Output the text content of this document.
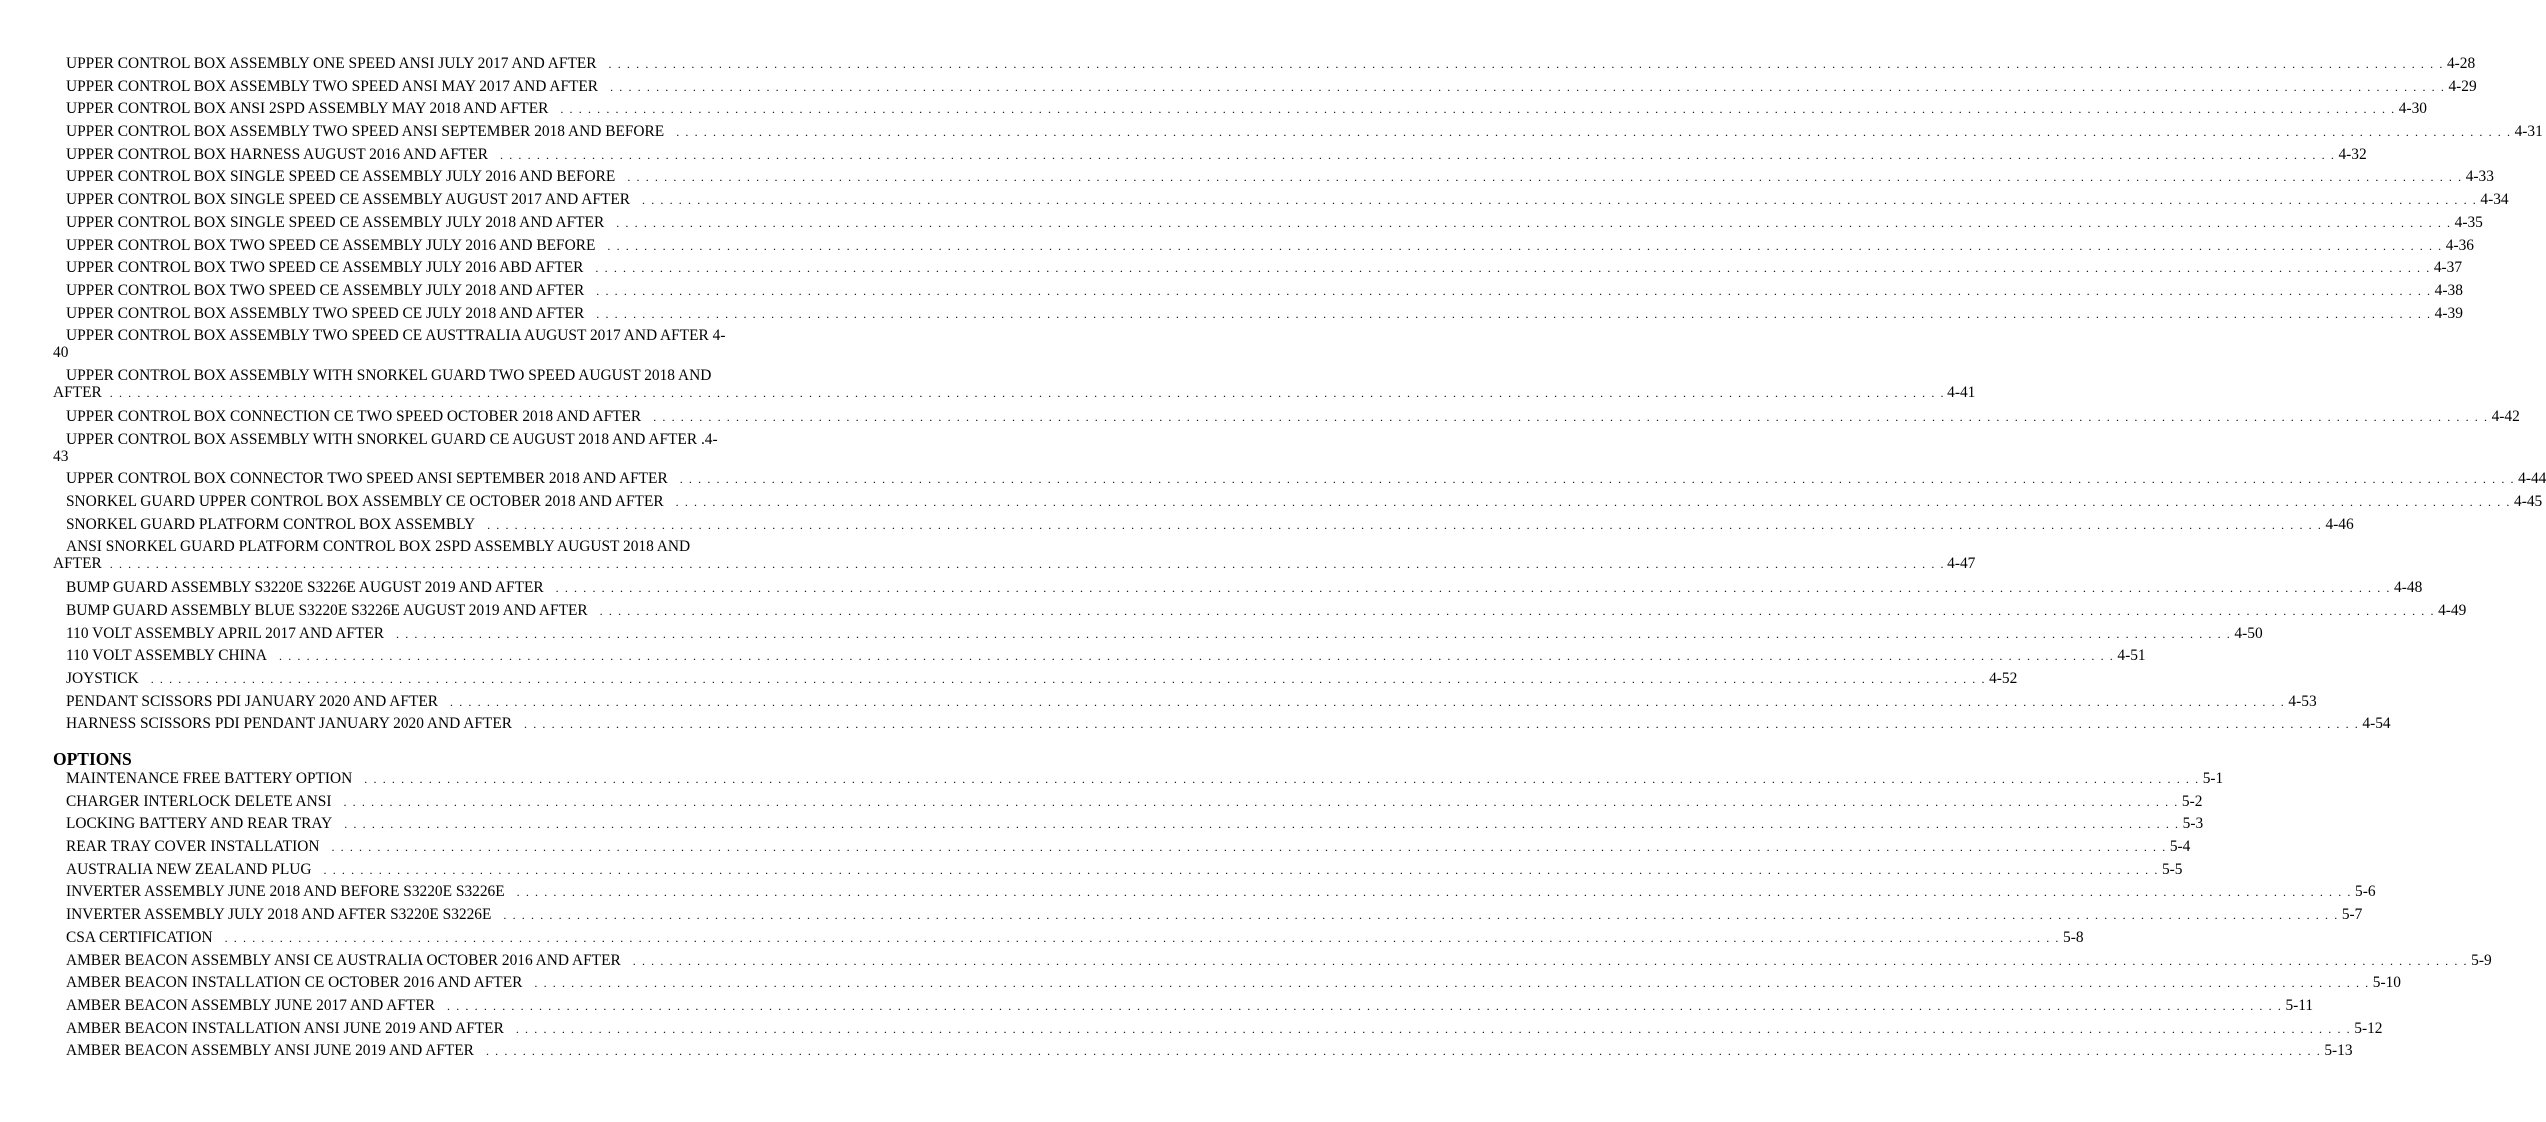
UPPER CONTROL BOX ASSEMBLY ONE SPEED ANSI JULY 2017 AND AFTER . . . . . . . . . . . . . . . . . . . . . . . . . . . . . . . . . . . . . . . . . . . . . . . . . . . . . . . . . . . . . . . . . . . . . . . . . . . . . . . . . . . . . . . . . . . . . . . . . . . . . . . . . . . . . . . . . . . . . . . . . . . . . . . . . . . . . . . . . . . . . . . . . . . . . . . . . . . . . . . . . . . . . . . . . . . . . . . . . . . . . . . . . . . . . . . . . . . . . . . . 4-28
UPPER CONTROL BOX ASSEMBLY TWO SPEED ANSI MAY 2017 AND AFTER . . . . . . . . . . . . . . . . . . . . . . . . . . . . . . . . . . . . . . . . . . . . . . . . . . . . . . . . . . . . . . . . . . . . . . . . . . . . . . . . . . . . . . . . . . . . . . . . . . . . . . . . . . . . . . . . . . . . . . . . . . . . . . . . . . . . . . . . . . . . . . . . . . . . . . . . . . . . . . . . . . . . . . . . . . . . . . . . . . . . . . . . . . . . . . . . . . . . . . . . 4-29
UPPER CONTROL BOX ANSI 2SPD ASSEMBLY MAY 2018 AND AFTER . . . . . . . . . . . . . . . . . . . . . . . . . . . . . . . . . . . . . . . . . . . . . . . . . . . . . . . . . . . . . . . . . . . . . . . . . . . . . . . . . . . . . . . . . . . . . . . . . . . . . . . . . . . . . . . . . . . . . . . . . . . . . . . . . . . . . . . . . . . . . . . . . . . . . . . . . . . . . . . . . . . . . . . . . . . . . . . . . . . . . . . . . . . . . . . . . . . . . . . . 4-30
UPPER CONTROL BOX ASSEMBLY TWO SPEED ANSI SEPTEMBER 2018 AND BEFORE . . . . . . . . . . . . . . . . . . . . . . . . . . . . . . . . . . . . . . . . . . . . . . . . . . . . . . . . . . . . . . . . . . . . . . . . . . . . . . . . . . . . . . . . . . . . . . . . . . . . . . . . . . . . . . . . . . . . . . . . . . . . . . . . . . . . . . . . . . . . . . . . . . . . . . . . . . . . . . . . . . . . . . . . . . . . . . . . . . . . . . . . . . . . . . . . . . . . . . . . 4-31
UPPER CONTROL BOX HARNESS AUGUST 2016 AND AFTER . . . . . . . . . . . . . . . . . . . . . . . . . . . . . . . . . . . . . . . . . . . . . . . . . . . . . . . . . . . . . . . . . . . . . . . . . . . . . . . . . . . . . . . . . . . . . . . . . . . . . . . . . . . . . . . . . . . . . . . . . . . . . . . . . . . . . . . . . . . . . . . . . . . . . . . . . . . . . . . . . . . . . . . . . . . . . . . . . . . . . . . . . . . . . . . . . . . . . . . . 4-32
UPPER CONTROL BOX SINGLE SPEED CE ASSEMBLY JULY 2016 AND BEFORE . . . . . . . . . . . . . . . . . . . . . . . . . . . . . . . . . . . . . . . . . . . . . . . . . . . . . . . . . . . . . . . . . . . . . . . . . . . . . . . . . . . . . . . . . . . . . . . . . . . . . . . . . . . . . . . . . . . . . . . . . . . . . . . . . . . . . . . . . . . . . . . . . . . . . . . . . . . . . . . . . . . . . . . . . . . . . . . . . . . . . . . . . . . . . . . . . . . . . . . . 4-33
UPPER CONTROL BOX SINGLE SPEED CE ASSEMBLY AUGUST 2017 AND AFTER . . . . . . . . . . . . . . . . . . . . . . . . . . . . . . . . . . . . . . . . . . . . . . . . . . . . . . . . . . . . . . . . . . . . . . . . . . . . . . . . . . . . . . . . . . . . . . . . . . . . . . . . . . . . . . . . . . . . . . . . . . . . . . . . . . . . . . . . . . . . . . . . . . . . . . . . . . . . . . . . . . . . . . . . . . . . . . . . . . . . . . . . . . . . . . . . . . . . . . . . 4-34
UPPER CONTROL BOX SINGLE SPEED CE ASSEMBLY JULY 2018 AND AFTER . . . . . . . . . . . . . . . . . . . . . . . . . . . . . . . . . . . . . . . . . . . . . . . . . . . . . . . . . . . . . . . . . . . . . . . . . . . . . . . . . . . . . . . . . . . . . . . . . . . . . . . . . . . . . . . . . . . . . . . . . . . . . . . . . . . . . . . . . . . . . . . . . . . . . . . . . . . . . . . . . . . . . . . . . . . . . . . . . . . . . . . . . . . . . . . . . . . . . . . . 4-35
UPPER CONTROL BOX TWO SPEED CE ASSEMBLY JULY 2016 AND BEFORE . . . . . . . . . . . . . . . . . . . . . . . . . . . . . . . . . . . . . . . . . . . . . . . . . . . . . . . . . . . . . . . . . . . . . . . . . . . . . . . . . . . . . . . . . . . . . . . . . . . . . . . . . . . . . . . . . . . . . . . . . . . . . . . . . . . . . . . . . . . . . . . . . . . . . . . . . . . . . . . . . . . . . . . . . . . . . . . . . . . . . . . . . . . . . . . . . . . . . . . . 4-36
UPPER CONTROL BOX TWO SPEED CE ASSEMBLY JULY 2016 ABD AFTER . . . . . . . . . . . . . . . . . . . . . . . . . . . . . . . . . . . . . . . . . . . . . . . . . . . . . . . . . . . . . . . . . . . . . . . . . . . . . . . . . . . . . . . . . . . . . . . . . . . . . . . . . . . . . . . . . . . . . . . . . . . . . . . . . . . . . . . . . . . . . . . . . . . . . . . . . . . . . . . . . . . . . . . . . . . . . . . . . . . . . . . . . . . . . . . . . . . . . . . . 4-37
UPPER CONTROL BOX TWO SPEED CE ASSEMBLY JULY 2018 AND AFTER . . . . . . . . . . . . . . . . . . . . . . . . . . . . . . . . . . . . . . . . . . . . . . . . . . . . . . . . . . . . . . . . . . . . . . . . . . . . . . . . . . . . . . . . . . . . . . . . . . . . . . . . . . . . . . . . . . . . . . . . . . . . . . . . . . . . . . . . . . . . . . . . . . . . . . . . . . . . . . . . . . . . . . . . . . . . . . . . . . . . . . . . . . . . . . . . . . . . . . . . 4-38
UPPER CONTROL BOX ASSEMBLY TWO SPEED CE JULY 2018 AND AFTER . . . . . . . . . . . . . . . . . . . . . . . . . . . . . . . . . . . . . . . . . . . . . . . . . . . . . . . . . . . . . . . . . . . . . . . . . . . . . . . . . . . . . . . . . . . . . . . . . . . . . . . . . . . . . . . . . . . . . . . . . . . . . . . . . . . . . . . . . . . . . . . . . . . . . . . . . . . . . . . . . . . . . . . . . . . . . . . . . . . . . . . . . . . . . . . . . . . . . . . . 4-39
UPPER CONTROL BOX ASSEMBLY TWO SPEED CE AUSTTRALIA AUGUST 2017 AND AFTER 4-
40
UPPER CONTROL BOX ASSEMBLY WITH SNORKEL GUARD TWO SPEED AUGUST 2018 AND
AFTER . . . . . . . . . . . . . . . . . . . . . . . . . . . . . . . . . . . . . . . . . . . . . . . . . . . . . . . . . . . . . . . . . . . . . . . . . . . . . . . . . . . . . . . . . . . . . . . . . . . . . . . . . . . . . . . . . . . . . . . . . . . . . . . . . . . . . . . . . . . . . . . . . . . . . . . . . . . . . . . . . . . . . . . . . . . . . . . . . . . . . . . . . . . . . . . . . . . . . . . . 4-41
UPPER CONTROL BOX CONNECTION CE TWO SPEED OCTOBER 2018 AND AFTER . . . . . . . . . . . . . . . . . . . . . . . . . . . . . . . . . . . . . . . . . . . . . . . . . . . . . . . . . . . . . . . . . . . . . . . . . . . . . . . . . . . . . . . . . . . . . . . . . . . . . . . . . . . . . . . . . . . . . . . . . . . . . . . . . . . . . . . . . . . . . . . . . . . . . . . . . . . . . . . . . . . . . . . . . . . . . . . . . . . . . . . . . . . . . . . . . . . . . . . . 4-42
UPPER CONTROL BOX ASSEMBLY WITH SNORKEL GUARD CE AUGUST 2018 AND AFTER .4-
43
UPPER CONTROL BOX CONNECTOR TWO SPEED ANSI SEPTEMBER 2018 AND AFTER . . . . . . . . . . . . . . . . . . . . . . . . . . . . . . . . . . . . . . . . . . . . . . . . . . . . . . . . . . . . . . . . . . . . . . . . . . . . . . . . . . . . . . . . . . . . . . . . . . . . . . . . . . . . . . . . . . . . . . . . . . . . . . . . . . . . . . . . . . . . . . . . . . . . . . . . . . . . . . . . . . . . . . . . . . . . . . . . . . . . . . . . . . . . . . . . . . . . . . . . 4-44
SNORKEL GUARD UPPER CONTROL BOX ASSEMBLY CE OCTOBER 2018 AND AFTER . . . . . . . . . . . . . . . . . . . . . . . . . . . . . . . . . . . . . . . . . . . . . . . . . . . . . . . . . . . . . . . . . . . . . . . . . . . . . . . . . . . . . . . . . . . . . . . . . . . . . . . . . . . . . . . . . . . . . . . . . . . . . . . . . . . . . . . . . . . . . . . . . . . . . . . . . . . . . . . . . . . . . . . . . . . . . . . . . . . . . . . . . . . . . . . . . . . . . . . . 4-45
SNORKEL GUARD PLATFORM CONTROL BOX ASSEMBLY . . . . . . . . . . . . . . . . . . . . . . . . . . . . . . . . . . . . . . . . . . . . . . . . . . . . . . . . . . . . . . . . . . . . . . . . . . . . . . . . . . . . . . . . . . . . . . . . . . . . . . . . . . . . . . . . . . . . . . . . . . . . . . . . . . . . . . . . . . . . . . . . . . . . . . . . . . . . . . . . . . . . . . . . . . . . . . . . . . . . . . . . . . . . . . . . . . . . . . . . 4-46
ANSI SNORKEL GUARD PLATFORM CONTROL BOX 2SPD ASSEMBLY AUGUST 2018 AND
AFTER . . . . . . . . . . . . . . . . . . . . . . . . . . . . . . . . . . . . . . . . . . . . . . . . . . . . . . . . . . . . . . . . . . . . . . . . . . . . . . . . . . . . . . . . . . . . . . . . . . . . . . . . . . . . . . . . . . . . . . . . . . . . . . . . . . . . . . . . . . . . . . . . . . . . . . . . . . . . . . . . . . . . . . . . . . . . . . . . . . . . . . . . . . . . . . . . . . . . . . . . 4-47
BUMP GUARD ASSEMBLY S3220E S3226E AUGUST 2019 AND AFTER . . . . . . . . . . . . . . . . . . . . . . . . . . . . . . . . . . . . . . . . . . . . . . . . . . . . . . . . . . . . . . . . . . . . . . . . . . . . . . . . . . . . . . . . . . . . . . . . . . . . . . . . . . . . . . . . . . . . . . . . . . . . . . . . . . . . . . . . . . . . . . . . . . . . . . . . . . . . . . . . . . . . . . . . . . . . . . . . . . . . . . . . . . . . . . . . . . . . . . . . 4-48
BUMP GUARD ASSEMBLY BLUE S3220E S3226E AUGUST 2019 AND AFTER . . . . . . . . . . . . . . . . . . . . . . . . . . . . . . . . . . . . . . . . . . . . . . . . . . . . . . . . . . . . . . . . . . . . . . . . . . . . . . . . . . . . . . . . . . . . . . . . . . . . . . . . . . . . . . . . . . . . . . . . . . . . . . . . . . . . . . . . . . . . . . . . . . . . . . . . . . . . . . . . . . . . . . . . . . . . . . . . . . . . . . . . . . . . . . . . . . . . . . . . 4-49
110 VOLT ASSEMBLY APRIL 2017 AND AFTER . . . . . . . . . . . . . . . . . . . . . . . . . . . . . . . . . . . . . . . . . . . . . . . . . . . . . . . . . . . . . . . . . . . . . . . . . . . . . . . . . . . . . . . . . . . . . . . . . . . . . . . . . . . . . . . . . . . . . . . . . . . . . . . . . . . . . . . . . . . . . . . . . . . . . . . . . . . . . . . . . . . . . . . . . . . . . . . . . . . . . . . . . . . . . . . . . . . . . . . . 4-50
110 VOLT ASSEMBLY CHINA . . . . . . . . . . . . . . . . . . . . . . . . . . . . . . . . . . . . . . . . . . . . . . . . . . . . . . . . . . . . . . . . . . . . . . . . . . . . . . . . . . . . . . . . . . . . . . . . . . . . . . . . . . . . . . . . . . . . . . . . . . . . . . . . . . . . . . . . . . . . . . . . . . . . . . . . . . . . . . . . . . . . . . . . . . . . . . . . . . . . . . . . . . . . . . . . . . . . . . . . 4-51
JOYSTICK . . . . . . . . . . . . . . . . . . . . . . . . . . . . . . . . . . . . . . . . . . . . . . . . . . . . . . . . . . . . . . . . . . . . . . . . . . . . . . . . . . . . . . . . . . . . . . . . . . . . . . . . . . . . . . . . . . . . . . . . . . . . . . . . . . . . . . . . . . . . . . . . . . . . . . . . . . . . . . . . . . . . . . . . . . . . . . . . . . . . . . . . . . . . . . . . . . . . . . . . 4-52
PENDANT SCISSORS PDI JANUARY 2020 AND AFTER . . . . . . . . . . . . . . . . . . . . . . . . . . . . . . . . . . . . . . . . . . . . . . . . . . . . . . . . . . . . . . . . . . . . . . . . . . . . . . . . . . . . . . . . . . . . . . . . . . . . . . . . . . . . . . . . . . . . . . . . . . . . . . . . . . . . . . . . . . . . . . . . . . . . . . . . . . . . . . . . . . . . . . . . . . . . . . . . . . . . . . . . . . . . . . . . . . . . . . . . 4-53
HARNESS SCISSORS PDI PENDANT JANUARY 2020 AND AFTER . . . . . . . . . . . . . . . . . . . . . . . . . . . . . . . . . . . . . . . . . . . . . . . . . . . . . . . . . . . . . . . . . . . . . . . . . . . . . . . . . . . . . . . . . . . . . . . . . . . . . . . . . . . . . . . . . . . . . . . . . . . . . . . . . . . . . . . . . . . . . . . . . . . . . . . . . . . . . . . . . . . . . . . . . . . . . . . . . . . . . . . . . . . . . . . . . . . . . . . . 4-54
OPTIONS
MAINTENANCE FREE BATTERY OPTION . . . . . . . . . . . . . . . . . . . . . . . . . . . . . . . . . . . . . . . . . . . . . . . . . . . . . . . . . . . . . . . . . . . . . . . . . . . . . . . . . . . . . . . . . . . . . . . . . . . . . . . . . . . . . . . . . . . . . . . . . . . . . . . . . . . . . . . . . . . . . . . . . . . . . . . . . . . . . . . . . . . . . . . . . . . . . . . . . . . . . . . . . . . . . . . . . . . . . . . . 5-1
CHARGER INTERLOCK DELETE ANSI . . . . . . . . . . . . . . . . . . . . . . . . . . . . . . . . . . . . . . . . . . . . . . . . . . . . . . . . . . . . . . . . . . . . . . . . . . . . . . . . . . . . . . . . . . . . . . . . . . . . . . . . . . . . . . . . . . . . . . . . . . . . . . . . . . . . . . . . . . . . . . . . . . . . . . . . . . . . . . . . . . . . . . . . . . . . . . . . . . . . . . . . . . . . . . . . . . . . . . . . 5-2
LOCKING BATTERY AND REAR TRAY . . . . . . . . . . . . . . . . . . . . . . . . . . . . . . . . . . . . . . . . . . . . . . . . . . . . . . . . . . . . . . . . . . . . . . . . . . . . . . . . . . . . . . . . . . . . . . . . . . . . . . . . . . . . . . . . . . . . . . . . . . . . . . . . . . . . . . . . . . . . . . . . . . . . . . . . . . . . . . . . . . . . . . . . . . . . . . . . . . . . . . . . . . . . . . . . . . . . . . . . 5-3
REAR TRAY COVER INSTALLATION . . . . . . . . . . . . . . . . . . . . . . . . . . . . . . . . . . . . . . . . . . . . . . . . . . . . . . . . . . . . . . . . . . . . . . . . . . . . . . . . . . . . . . . . . . . . . . . . . . . . . . . . . . . . . . . . . . . . . . . . . . . . . . . . . . . . . . . . . . . . . . . . . . . . . . . . . . . . . . . . . . . . . . . . . . . . . . . . . . . . . . . . . . . . . . . . . . . . . . . . 5-4
AUSTRALIA NEW ZEALAND PLUG . . . . . . . . . . . . . . . . . . . . . . . . . . . . . . . . . . . . . . . . . . . . . . . . . . . . . . . . . . . . . . . . . . . . . . . . . . . . . . . . . . . . . . . . . . . . . . . . . . . . . . . . . . . . . . . . . . . . . . . . . . . . . . . . . . . . . . . . . . . . . . . . . . . . . . . . . . . . . . . . . . . . . . . . . . . . . . . . . . . . . . . . . . . . . . . . . . . . . . . . 5-5
INVERTER ASSEMBLY JUNE 2018 AND BEFORE S3220E S3226E . . . . . . . . . . . . . . . . . . . . . . . . . . . . . . . . . . . . . . . . . . . . . . . . . . . . . . . . . . . . . . . . . . . . . . . . . . . . . . . . . . . . . . . . . . . . . . . . . . . . . . . . . . . . . . . . . . . . . . . . . . . . . . . . . . . . . . . . . . . . . . . . . . . . . . . . . . . . . . . . . . . . . . . . . . . . . . . . . . . . . . . . . . . . . . . . . . . . . . . . 5-6
INVERTER ASSEMBLY JULY 2018 AND AFTER S3220E S3226E . . . . . . . . . . . . . . . . . . . . . . . . . . . . . . . . . . . . . . . . . . . . . . . . . . . . . . . . . . . . . . . . . . . . . . . . . . . . . . . . . . . . . . . . . . . . . . . . . . . . . . . . . . . . . . . . . . . . . . . . . . . . . . . . . . . . . . . . . . . . . . . . . . . . . . . . . . . . . . . . . . . . . . . . . . . . . . . . . . . . . . . . . . . . . . . . . . . . . . . . 5-7
CSA CERTIFICATION . . . . . . . . . . . . . . . . . . . . . . . . . . . . . . . . . . . . . . . . . . . . . . . . . . . . . . . . . . . . . . . . . . . . . . . . . . . . . . . . . . . . . . . . . . . . . . . . . . . . . . . . . . . . . . . . . . . . . . . . . . . . . . . . . . . . . . . . . . . . . . . . . . . . . . . . . . . . . . . . . . . . . . . . . . . . . . . . . . . . . . . . . . . . . . . . . . . . . . . . 5-8
AMBER BEACON ASSEMBLY ANSI CE AUSTRALIA OCTOBER 2016 AND AFTER . . . . . . . . . . . . . . . . . . . . . . . . . . . . . . . . . . . . . . . . . . . . . . . . . . . . . . . . . . . . . . . . . . . . . . . . . . . . . . . . . . . . . . . . . . . . . . . . . . . . . . . . . . . . . . . . . . . . . . . . . . . . . . . . . . . . . . . . . . . . . . . . . . . . . . . . . . . . . . . . . . . . . . . . . . . . . . . . . . . . . . . . . . . . . . . . . . . . . . . . 5-9
AMBER BEACON INSTALLATION CE OCTOBER 2016 AND AFTER . . . . . . . . . . . . . . . . . . . . . . . . . . . . . . . . . . . . . . . . . . . . . . . . . . . . . . . . . . . . . . . . . . . . . . . . . . . . . . . . . . . . . . . . . . . . . . . . . . . . . . . . . . . . . . . . . . . . . . . . . . . . . . . . . . . . . . . . . . . . . . . . . . . . . . . . . . . . . . . . . . . . . . . . . . . . . . . . . . . . . . . . . . . . . . . . . . . . . . . . 5-10
AMBER BEACON ASSEMBLY JUNE 2017 AND AFTER . . . . . . . . . . . . . . . . . . . . . . . . . . . . . . . . . . . . . . . . . . . . . . . . . . . . . . . . . . . . . . . . . . . . . . . . . . . . . . . . . . . . . . . . . . . . . . . . . . . . . . . . . . . . . . . . . . . . . . . . . . . . . . . . . . . . . . . . . . . . . . . . . . . . . . . . . . . . . . . . . . . . . . . . . . . . . . . . . . . . . . . . . . . . . . . . . . . . . . . . 5-11
AMBER BEACON INSTALLATION ANSI JUNE 2019 AND AFTER . . . . . . . . . . . . . . . . . . . . . . . . . . . . . . . . . . . . . . . . . . . . . . . . . . . . . . . . . . . . . . . . . . . . . . . . . . . . . . . . . . . . . . . . . . . . . . . . . . . . . . . . . . . . . . . . . . . . . . . . . . . . . . . . . . . . . . . . . . . . . . . . . . . . . . . . . . . . . . . . . . . . . . . . . . . . . . . . . . . . . . . . . . . . . . . . . . . . . . . . 5-12
AMBER BEACON ASSEMBLY ANSI JUNE 2019 AND AFTER . . . . . . . . . . . . . . . . . . . . . . . . . . . . . . . . . . . . . . . . . . . . . . . . . . . . . . . . . . . . . . . . . . . . . . . . . . . . . . . . . . . . . . . . . . . . . . . . . . . . . . . . . . . . . . . . . . . . . . . . . . . . . . . . . . . . . . . . . . . . . . . . . . . . . . . . . . . . . . . . . . . . . . . . . . . . . . . . . . . . . . . . . . . . . . . . . . . . . . . . 5-13
